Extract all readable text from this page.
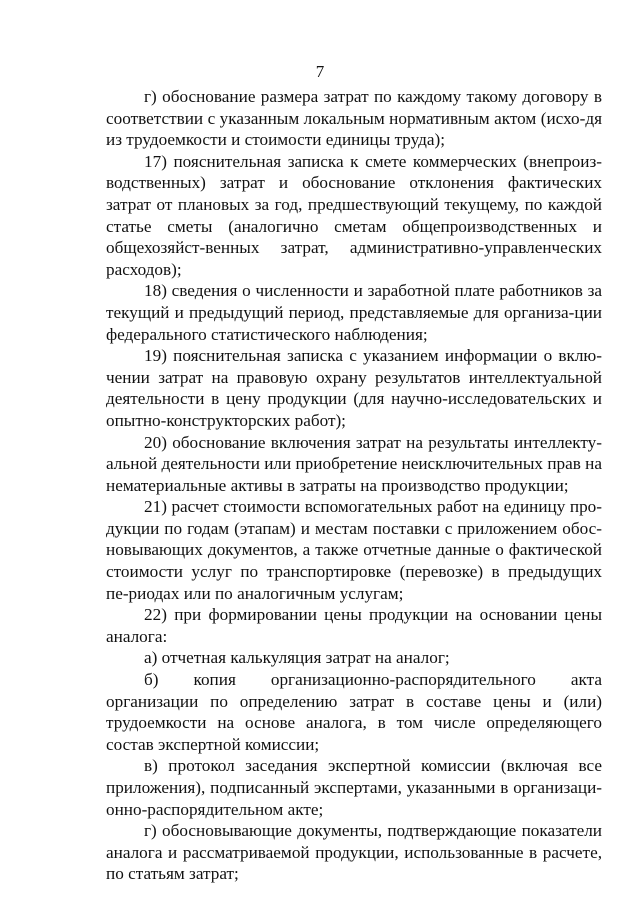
7

г) обоснование размера затрат по каждому такому договору в соответствии с указанным локальным нормативным актом (исхо-дя из трудоемкости и стоимости единицы труда);

17) пояснительная записка к смете коммерческих (внепроиз-водственных) затрат и обоснование отклонения фактических затрат от плановых за год, предшествующий текущему, по каждой статье сметы (аналогично сметам общепроизводственных и общехозяйст-венных затрат, административно-управленческих расходов);

18) сведения о численности и заработной плате работников за текущий и предыдущий период, представляемые для организа-ции федерального статистического наблюдения;

19) пояснительная записка с указанием информации о вклю-чении затрат на правовую охрану результатов интеллектуальной деятельности в цену продукции (для научно-исследовательских и опытно-конструкторских работ);

20) обоснование включения затрат на результаты интеллекту-альной деятельности или приобретение неисключительных прав на нематериальные активы в затраты на производство продукции;

21) расчет стоимости вспомогательных работ на единицу про-дукции по годам (этапам) и местам поставки с приложением обос-новывающих документов, а также отчетные данные о фактической стоимости услуг по транспортировке (перевозке) в предыдущих пе-риодах или по аналогичным услугам;

22) при формировании цены продукции на основании цены аналога:

а) отчетная калькуляция затрат на аналог;

б) копия организационно-распорядительного акта организации по определению затрат в составе цены и (или) трудоемкости на основе аналога, в том числе определяющего состав экспертной комиссии;

в) протокол заседания экспертной комиссии (включая все приложения), подписанный экспертами, указанными в организаци-онно-распорядительном акте;

г) обосновывающие документы, подтверждающие показатели аналога и рассматриваемой продукции, использованные в расчете, по статьям затрат;
